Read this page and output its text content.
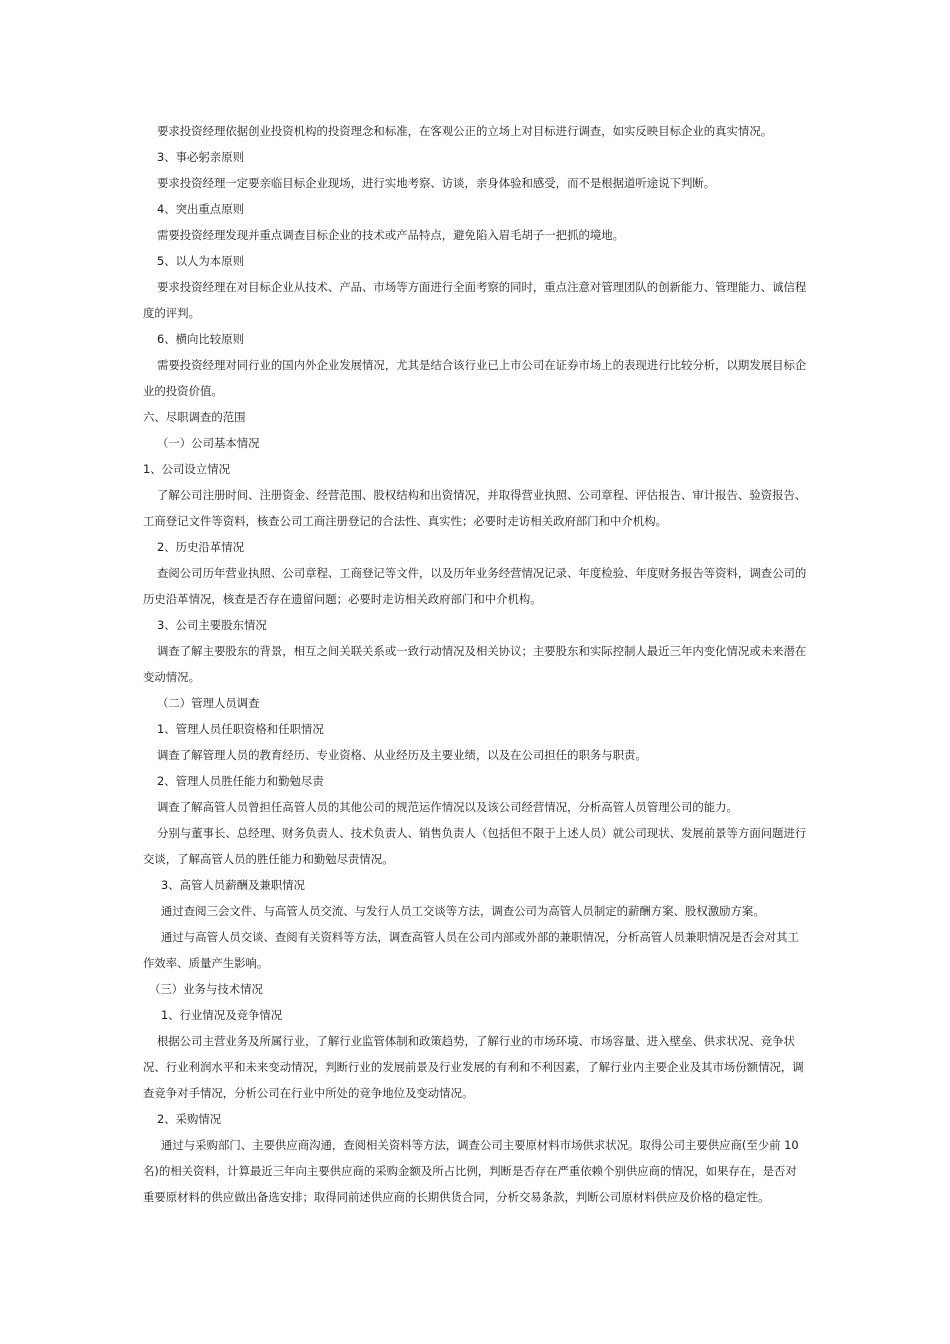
要求投资经理依据创业投资机构的投资理念和标准，在客观公正的立场上对目标进行调查，如实反映目标企业的真实情况。

3、事必躬亲原则

要求投资经理一定要亲临目标企业现场，进行实地考察、访谈，亲身体验和感受，而不是根据道听途说下判断。

4、突出重点原则

需要投资经理发现并重点调查目标企业的技术或产品特点，避免陷入眉毛胡子一把抓的境地。

5、以人为本原则

要求投资经理在对目标企业从技术、产品、市场等方面进行全面考察的同时，重点注意对管理团队的创新能力、管理能力、诚信程度的评判。

6、横向比较原则

需要投资经理对同行业的国内外企业发展情况，尤其是结合该行业已上市公司在证券市场上的表现进行比较分析，以期发展目标企业的投资价值。

六、尽职调查的范围

（一）公司基本情况

1、公司设立情况

了解公司注册时间、注册资金、经营范围、股权结构和出资情况，并取得营业执照、公司章程、评估报告、审计报告、验资报告、工商登记文件等资料，核查公司工商注册登记的合法性、真实性；必要时走访相关政府部门和中介机构。

2、历史沿革情况

查阅公司历年营业执照、公司章程、工商登记等文件，以及历年业务经营情况记录、年度检验、年度财务报告等资料，调查公司的历史沿革情况，核查是否存在遗留问题；必要时走访相关政府部门和中介机构。

3、公司主要股东情况

调查了解主要股东的背景，相互之间关联关系或一致行动情况及相关协议；主要股东和实际控制人最近三年内变化情况或未来潜在变动情况。

（二）管理人员调查

1、管理人员任职资格和任职情况

调查了解管理人员的教育经历、专业资格、从业经历及主要业绩，以及在公司担任的职务与职责。

2、管理人员胜任能力和勤勉尽责

调查了解高管人员曾担任高管人员的其他公司的规范运作情况以及该公司经营情况，分析高管人员管理公司的能力。

分别与董事长、总经理、财务负责人、技术负责人、销售负责人（包括但不限于上述人员）就公司现状、发展前景等方面问题进行交谈，了解高管人员的胜任能力和勤勉尽责情况。

3、高管人员薪酬及兼职情况

通过查阅三会文件、与高管人员交流、与发行人员工交谈等方法，调查公司为高管人员制定的薪酬方案、股权激励方案。

通过与高管人员交谈、查阅有关资料等方法，调查高管人员在公司内部或外部的兼职情况，分析高管人员兼职情况是否会对其工作效率、质量产生影响。

（三）业务与技术情况

1、行业情况及竞争情况

根据公司主营业务及所属行业，了解行业监管体制和政策趋势，了解行业的市场环境、市场容量、进入壁垒、供求状况、竞争状况、行业利润水平和未来变动情况，判断行业的发展前景及行业发展的有利和不利因素，了解行业内主要企业及其市场份额情况，调查竞争对手情况，分析公司在行业中所处的竞争地位及变动情况。

2、采购情况

通过与采购部门、主要供应商沟通，查阅相关资料等方法，调查公司主要原材料市场供求状况。取得公司主要供应商(至少前 10 名)的相关资料，计算最近三年向主要供应商的采购金额及所占比例，判断是否存在严重依赖个别供应商的情况，如果存在，是否对重要原材料的供应做出备选安排；取得同前述供应商的长期供货合同，分析交易条款，判断公司原材料供应及价格的稳定性。
